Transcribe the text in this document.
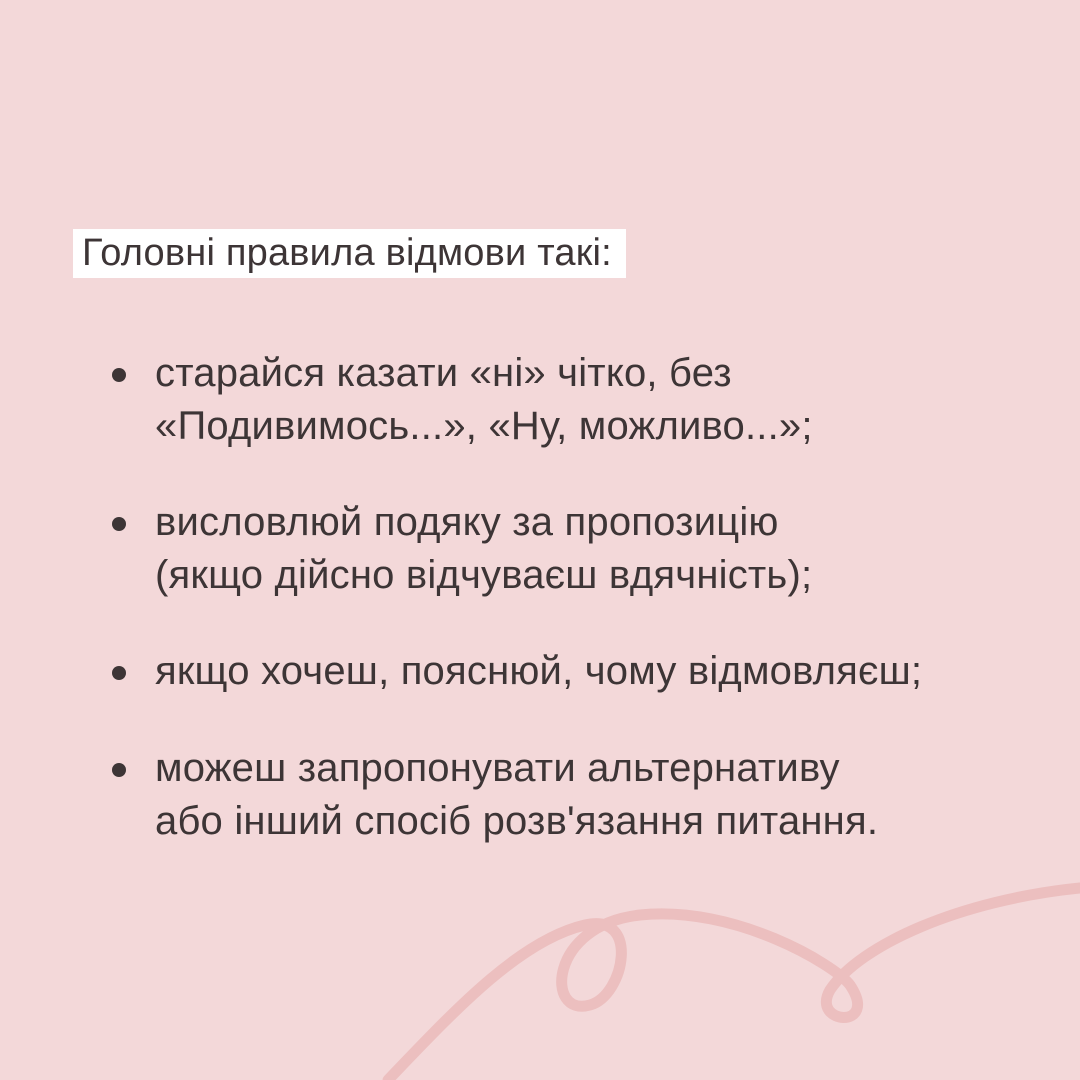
Головні правила відмови такі:
старайся казати «ні» чітко, без
«Подивимось...», «Ну, можливо...»;
висловлюй подяку за пропозицію
(якщо дійсно відчуваєш вдячність);
якщо хочеш, пояснюй, чому відмовляєш;
можеш запропонувати альтернативу
або інший спосіб розв'язання питання.
